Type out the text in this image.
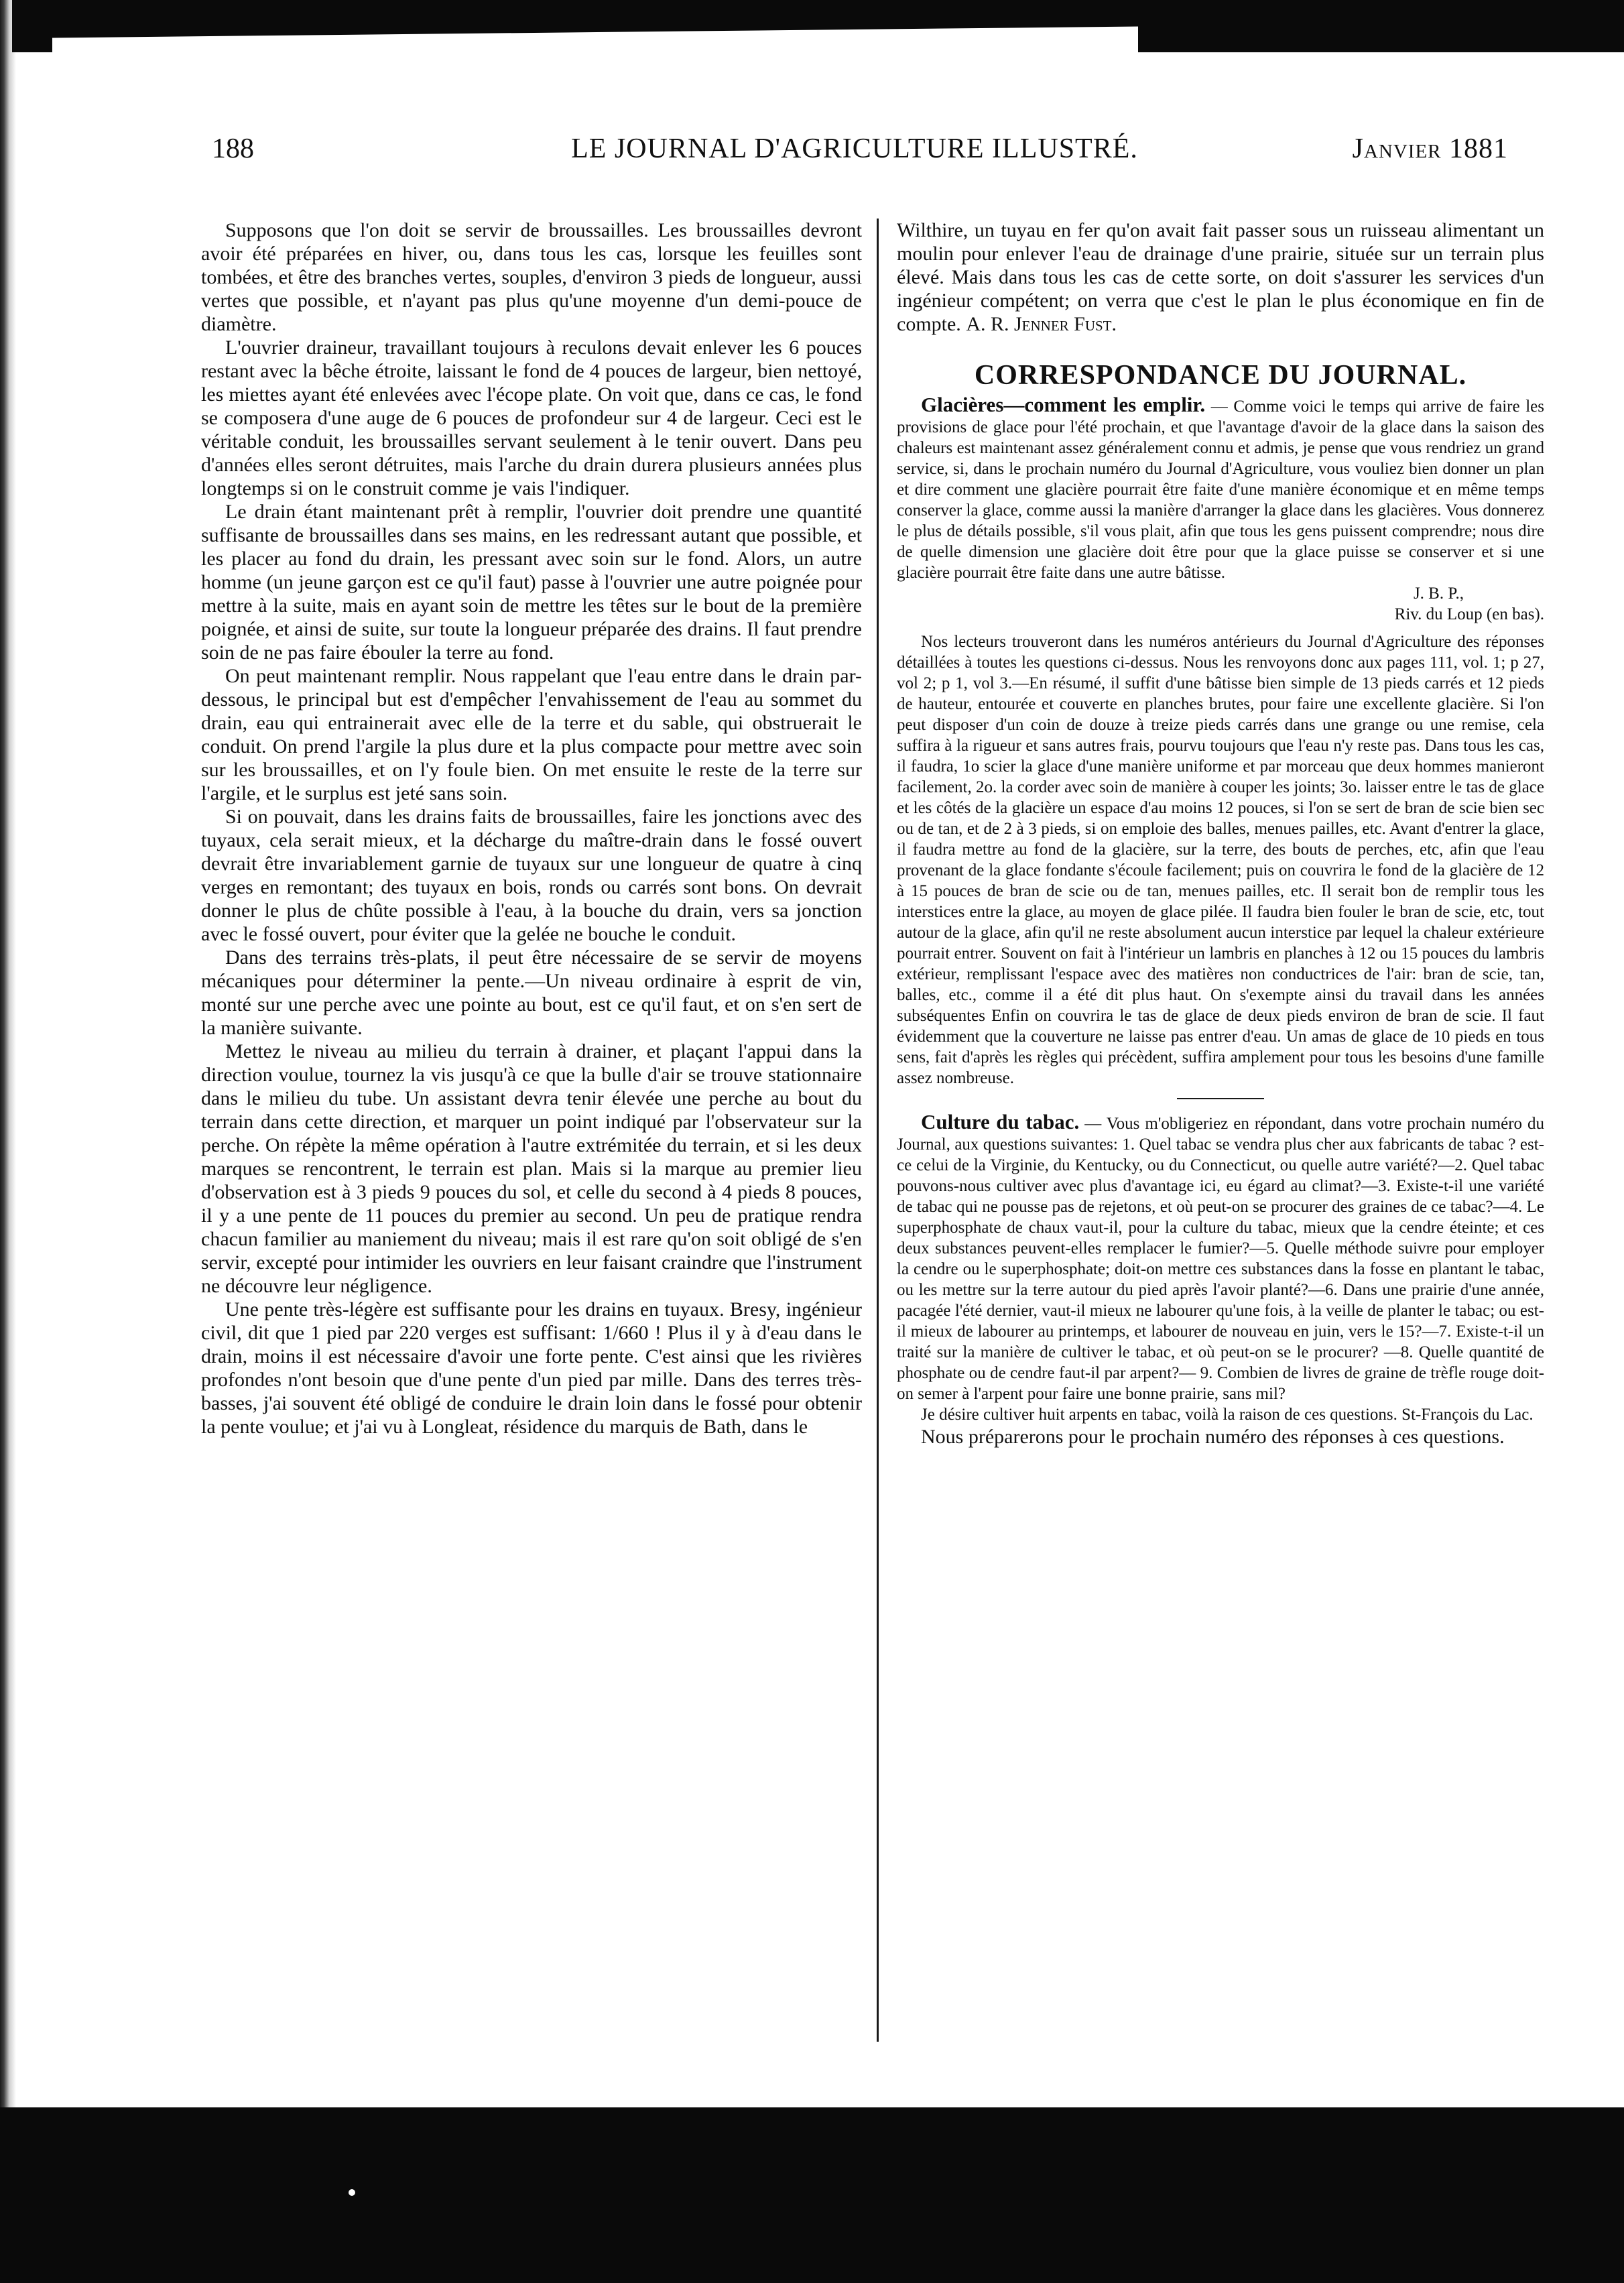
188	LE JOURNAL D'AGRICULTURE ILLUSTRÉ.	Janvier 1881

Supposons que l'on doit se servir de broussailles. Les broussailles devront avoir été préparées en hiver, ou, dans tous les cas, lorsque les feuilles sont tombées, et être des branches vertes, souples, d'environ 3 pieds de longueur, aussi vertes que possible, et n'ayant pas plus qu'une moyenne d'un demi-pouce de diamètre.

L'ouvrier draineur, travaillant toujours à reculons devait enlever les 6 pouces restant avec la bêche étroite, laissant le fond de 4 pouces de largeur, bien nettoyé, les miettes ayant été enlevées avec l'écope plate. On voit que, dans ce cas, le fond se composera d'une auge de 6 pouces de profondeur sur 4 de largeur. Ceci est le véritable conduit, les broussailles servant seulement à le tenir ouvert. Dans peu d'années elles seront détruites, mais l'arche du drain durera plusieurs années plus longtemps si on le construit comme je vais l'indiquer.

Le drain étant maintenant prêt à remplir, l'ouvrier doit prendre une quantité suffisante de broussailles dans ses mains, en les redressant autant que possible, et les placer au fond du drain, les pressant avec soin sur le fond. Alors, un autre homme (un jeune garçon est ce qu'il faut) passe à l'ouvrier une autre poignée pour mettre à la suite, mais en ayant soin de mettre les têtes sur le bout de la première poignée, et ainsi de suite, sur toute la longueur préparée des drains. Il faut prendre soin de ne pas faire ébouler la terre au fond.

On peut maintenant remplir. Nous rappelant que l'eau entre dans le drain par-dessous, le principal but est d'empêcher l'envahissement de l'eau au sommet du drain, eau qui entrainerait avec elle de la terre et du sable, qui obstruerait le conduit. On prend l'argile la plus dure et la plus compacte pour mettre avec soin sur les broussailles, et on l'y foule bien. On met ensuite le reste de la terre sur l'argile, et le surplus est jeté sans soin.

Si on pouvait, dans les drains faits de broussailles, faire les jonctions avec des tuyaux, cela serait mieux, et la décharge du maître-drain dans le fossé ouvert devrait être invariablement garnie de tuyaux sur une longueur de quatre à cinq verges en remontant; des tuyaux en bois, ronds ou carrés sont bons. On devrait donner le plus de chûte possible à l'eau, à la bouche du drain, vers sa jonction avec le fossé ouvert, pour éviter que la gelée ne bouche le conduit.

Dans des terrains très-plats, il peut être nécessaire de se servir de moyens mécaniques pour déterminer la pente.—Un niveau ordinaire à esprit de vin, monté sur une perche avec une pointe au bout, est ce qu'il faut, et on s'en sert de la manière suivante.

Mettez le niveau au milieu du terrain à drainer, et plaçant l'appui dans la direction voulue, tournez la vis jusqu'à ce que la bulle d'air se trouve stationnaire dans le milieu du tube. Un assistant devra tenir élevée une perche au bout du terrain dans cette direction, et marquer un point indiqué par l'observateur sur la perche. On répète la même opération à l'autre extrémitée du terrain, et si les deux marques se rencontrent, le terrain est plan. Mais si la marque au premier lieu d'observation est à 3 pieds 9 pouces du sol, et celle du second à 4 pieds 8 pouces, il y a une pente de 11 pouces du premier au second. Un peu de pratique rendra chacun familier au maniement du niveau; mais il est rare qu'on soit obligé de s'en servir, excepté pour intimider les ouvriers en leur faisant craindre que l'instrument ne découvre leur négligence.

Une pente très-légère est suffisante pour les drains en tuyaux. Bresy, ingénieur civil, dit que 1 pied par 220 verges est suffisant: 1/660 ! Plus il y à d'eau dans le drain, moins il est nécessaire d'avoir une forte pente. C'est ainsi que les rivières profondes n'ont besoin que d'une pente d'un pied par mille. Dans des terres très-basses, j'ai souvent été obligé de conduire le drain loin dans le fossé pour obtenir la pente voulue; et j'ai vu à Longleat, résidence du marquis de Bath, dans le

Wilthire, un tuyau en fer qu'on avait fait passer sous un ruisseau alimentant un moulin pour enlever l'eau de drainage d'une prairie, située sur un terrain plus élevé. Mais dans tous les cas de cette sorte, on doit s'assurer les services d'un ingénieur compétent; on verra que c'est le plan le plus économique en fin de compte. A. R. Jenner Fust.

CORRESPONDANCE DU JOURNAL.

Glacières—comment les emplir. — Comme voici le temps qui arrive de faire les provisions de glace pour l'été prochain, et que l'avantage d'avoir de la glace dans la saison des chaleurs est maintenant assez généralement connu et admis, je pense que vous rendriez un grand service, si, dans le prochain numéro du Journal d'Agriculture, vous vouliez bien donner un plan et dire comment une glacière pourrait être faite d'une manière économique et en même temps conserver la glace, comme aussi la manière d'arranger la glace dans les glacières. Vous donnerez le plus de détails possible, s'il vous plait, afin que tous les gens puissent comprendre; nous dire de quelle dimension une glacière doit être pour que la glace puisse se conserver et si une glacière pourrait être faite dans une autre bâtisse.

J. B. P.,

Riv. du Loup (en bas).

Nos lecteurs trouveront dans les numéros antérieurs du Journal d'Agriculture des réponses détaillées à toutes les questions ci-dessus. Nous les renvoyons donc aux pages 111, vol. 1; p 27, vol 2; p 1, vol 3.—En résumé, il suffit d'une bâtisse bien simple de 13 pieds carrés et 12 pieds de hauteur, entourée et couverte en planches brutes, pour faire une excellente glacière. Si l'on peut disposer d'un coin de douze à treize pieds carrés dans une grange ou une remise, cela suffira à la rigueur et sans autres frais, pourvu toujours que l'eau n'y reste pas. Dans tous les cas, il faudra, 1o scier la glace d'une manière uniforme et par morceau que deux hommes manieront facilement, 2o. la corder avec soin de manière à couper les joints; 3o. laisser entre le tas de glace et les côtés de la glacière un espace d'au moins 12 pouces, si l'on se sert de bran de scie bien sec ou de tan, et de 2 à 3 pieds, si on emploie des balles, menues pailles, etc. Avant d'entrer la glace, il faudra mettre au fond de la glacière, sur la terre, des bouts de perches, etc, afin que l'eau provenant de la glace fondante s'écoule facilement; puis on couvrira le fond de la glacière de 12 à 15 pouces de bran de scie ou de tan, menues pailles, etc. Il serait bon de remplir tous les interstices entre la glace, au moyen de glace pilée. Il faudra bien fouler le bran de scie, etc, tout autour de la glace, afin qu'il ne reste absolument aucun interstice par lequel la chaleur extérieure pourrait entrer. Souvent on fait à l'intérieur un lambris en planches à 12 ou 15 pouces du lambris extérieur, remplissant l'espace avec des matières non conductrices de l'air: bran de scie, tan, balles, etc., comme il a été dit plus haut. On s'exempte ainsi du travail dans les années subséquentes Enfin on couvrira le tas de glace de deux pieds environ de bran de scie. Il faut évidemment que la couverture ne laisse pas entrer d'eau. Un amas de glace de 10 pieds en tous sens, fait d'après les règles qui précèdent, suffira amplement pour tous les besoins d'une famille assez nombreuse.

Culture du tabac. — Vous m'obligeriez en répondant, dans votre prochain numéro du Journal, aux questions suivantes: 1. Quel tabac se vendra plus cher aux fabricants de tabac ? est-ce celui de la Virginie, du Kentucky, ou du Connecticut, ou quelle autre variété?—2. Quel tabac pouvons-nous cultiver avec plus d'avantage ici, eu égard au climat?—3. Existe-t-il une variété de tabac qui ne pousse pas de rejetons, et où peut-on se procurer des graines de ce tabac?—4. Le superphosphate de chaux vaut-il, pour la culture du tabac, mieux que la cendre éteinte; et ces deux substances peuvent-elles remplacer le fumier?—5. Quelle méthode suivre pour employer la cendre ou le superphosphate; doit-on mettre ces substances dans la fosse en plantant le tabac, ou les mettre sur la terre autour du pied après l'avoir planté?—6. Dans une prairie d'une année, pacagée l'été dernier, vaut-il mieux ne labourer qu'une fois, à la veille de planter le tabac; ou est-il mieux de labourer au printemps, et labourer de nouveau en juin, vers le 15?—7. Existe-t-il un traité sur la manière de cultiver le tabac, et où peut-on se le procurer? —8. Quelle quantité de phosphate ou de cendre faut-il par arpent?— 9. Combien de livres de graine de trèfle rouge doit-on semer à l'arpent pour faire une bonne prairie, sans mil?

Je désire cultiver huit arpents en tabac, voilà la raison de ces questions. St-François du Lac.

Nous préparerons pour le prochain numéro des réponses à ces questions.
